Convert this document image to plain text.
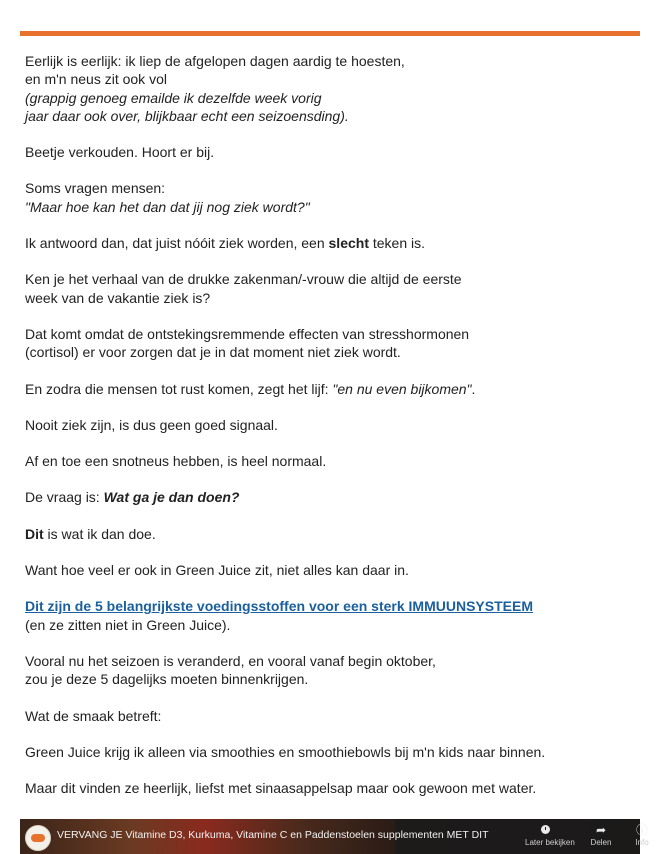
Eerlijk is eerlijk: ik liep de afgelopen dagen aardig te hoesten,
en m'n neus zit ook vol
(grappig genoeg emailde ik dezelfde week vorig
jaar daar ook over, blijkbaar echt een seizoensding).
Beetje verkouden. Hoort er bij.
Soms vragen mensen:
"Maar hoe kan het dan dat jij nog ziek wordt?"
Ik antwoord dan, dat juist nóóit ziek worden, een slecht teken is.
Ken je het verhaal van de drukke zakenman/-vrouw die altijd de eerste
week van de vakantie ziek is?
Dat komt omdat de ontstekingsremmende effecten van stresshormonen
(cortisol) er voor zorgen dat je in dat moment niet ziek wordt.
En zodra die mensen tot rust komen, zegt het lijf: "en nu even bijkomen".
Nooit ziek zijn, is dus geen goed signaal.
Af en toe een snotneus hebben, is heel normaal.
De vraag is: Wat ga je dan doen?
Dit is wat ik dan doe.
Want hoe veel er ook in Green Juice zit, niet alles kan daar in.
Dit zijn de 5 belangrijkste voedingsstoffen voor een sterk IMMUUNSYSTEEM
(en ze zitten niet in Green Juice).
Vooral nu het seizoen is veranderd, en vooral vanaf begin oktober,
zou je deze 5 dagelijks moeten binnenkrijgen.
Wat de smaak betreft:
Green Juice krijg ik alleen via smoothies en smoothiebowls bij m'n kids naar binnen.
Maar dit vinden ze heerlijk, liefst met sinaasappelsap maar ook gewoon met water.
VERVANG JE Vitamine D3, Kurkuma, Vitamine C en Paddenstoelen supplementen MET DIT
Later bekijken
➦
Delen
ⓘ
Info
